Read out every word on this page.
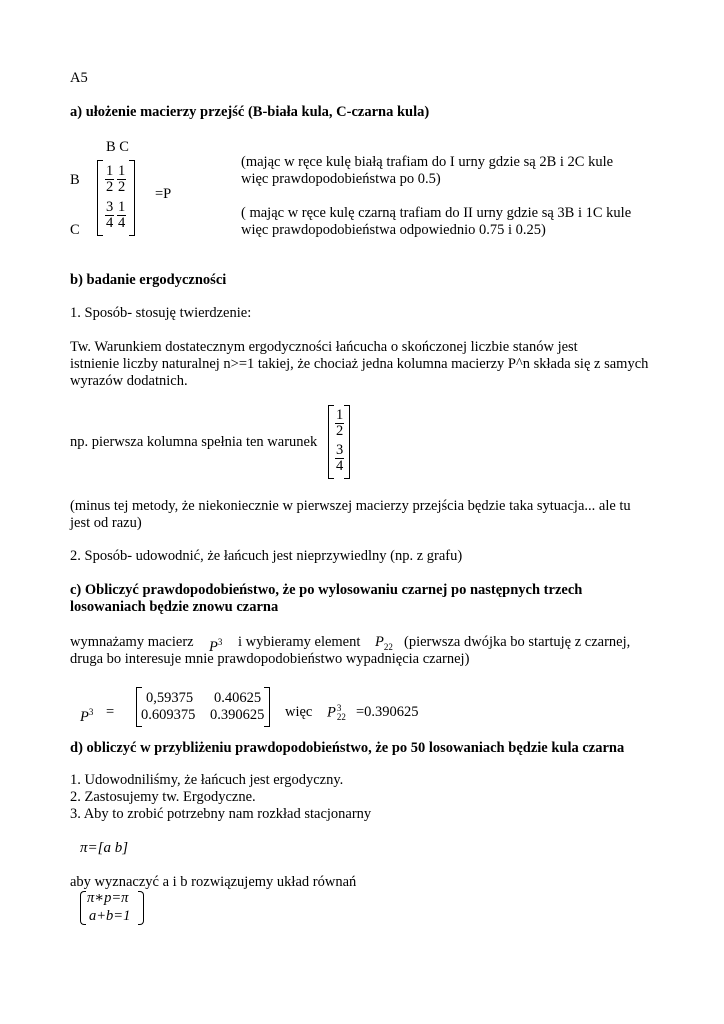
A5
a) ułożenie macierzy przejść (B-biała kula, C-czarna kula)
B C
B
C
$\frac{1}{2} \frac{1}{2}$
$\frac{3}{4} \frac{1}{4}$
=P
(mając w ręce kulę białą trafiam do I urny gdzie są 2B i 2C kule
więc prawdopodobieństwa po 0.5)
( mając w ręce kulę czarną trafiam do II urny gdzie są 3B i 1C kule
więc prawdopodobieństwa odpowiednio 0.75 i 0.25)
b) badanie ergodyczności
1. Sposób- stosuję twierdzenie:
Tw. Warunkiem dostatecznym ergodyczności łańcucha o skończonej liczbie stanów jest
istnienie liczby naturalnej n>=1 takiej, że chociaż jedna kolumna macierzy P^n składa się z samych
wyrazów dodatnich.
np. pierwsza kolumna spełnia ten warunek
$\frac{1}{2}$
$\frac{3}{4}$
(minus tej metody, że niekoniecznie w pierwszej macierzy przejścia będzie taka sytuacja... ale tu
jest od razu)
2. Sposób- udowodnić, że łańcuch jest nieprzywiedlny (np. z grafu)
c) Obliczyć prawdopodobieństwo, że po wylosowaniu czarnej po następnych trzech
losowaniach będzie znowu czarna
wymnażamy macierz $P^3$ i wybieramy element $P_{22}$ (pierwsza dwójka bo startuję z czarnej,
druga bo interesuje mnie prawdopodobieństwo wypadnięcia czarnej)
$P^3$ =
0,59375 0.40625
0.609375 0.390625 więc P 3
22 =0.390625
d) obliczyć w przybliżeniu prawdopodobieństwo, że po 50 losowaniach będzie kula czarna
1. Udowodniliśmy, że łańcuch jest ergodyczny.
2. Zastosujemy tw. Ergodyczne.
3. Aby to zrobić potrzebny nam rozkład stacjonarny
π=[a b]
aby wyznaczyć a i b rozwiązujemy układ równań
π∗p=π
a+b=1
